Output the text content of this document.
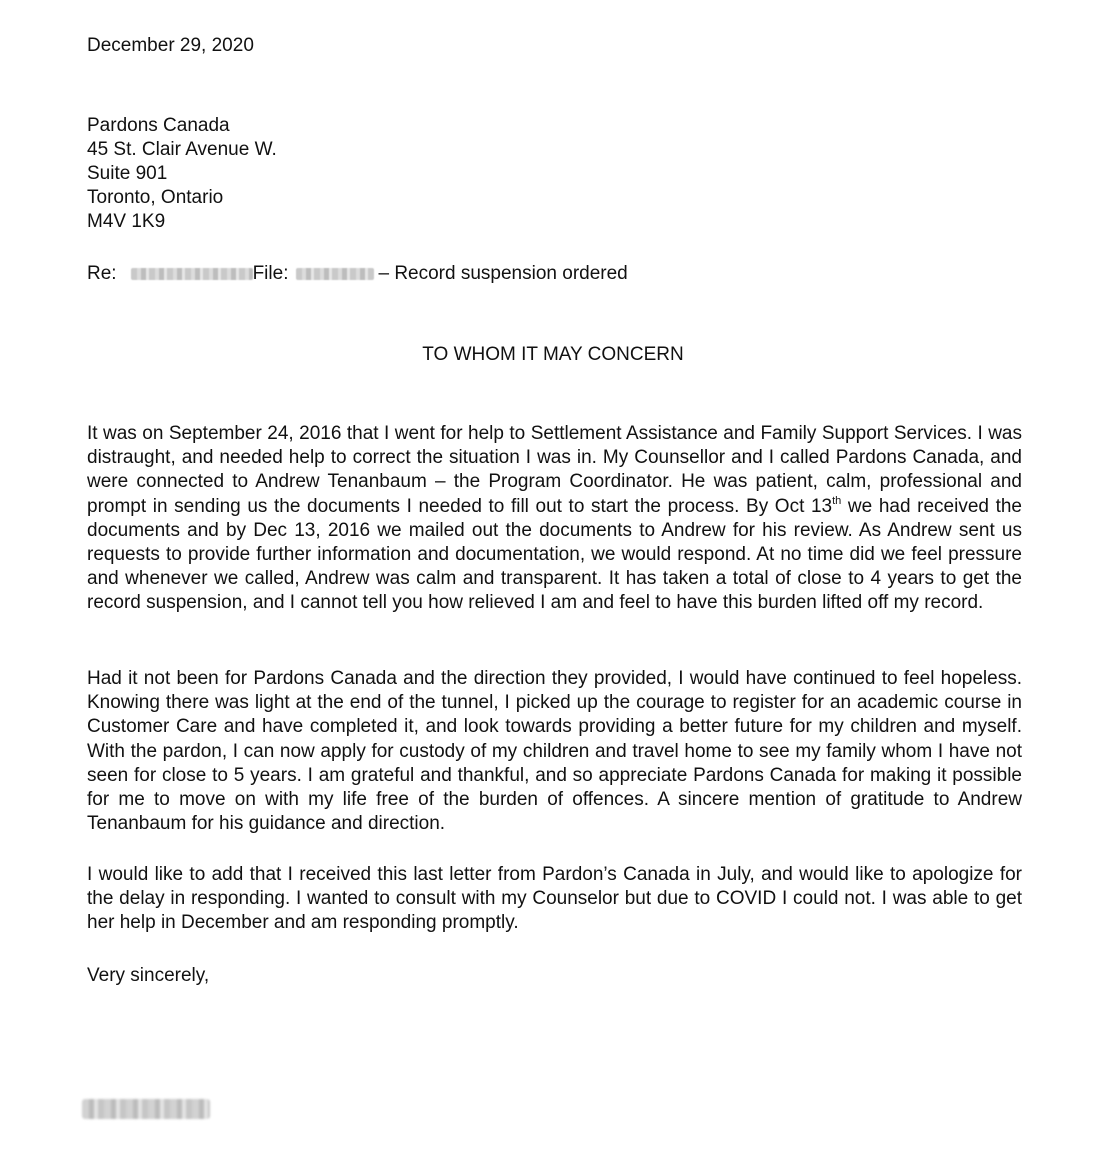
December 29, 2020
Pardons Canada
45 St. Clair Avenue W.
Suite 901
Toronto, Ontario
M4V 1K9
Re:	File:	– Record suspension ordered
TO WHOM IT MAY CONCERN

It was on September 24, 2016 that I went for help to Settlement Assistance and Family Support Services. I was distraught, and needed help to correct the situation I was in. My Counsellor and I called Pardons Canada, and were connected to Andrew Tenanbaum – the Program Coordinator. He was patient, calm, professional and prompt in sending us the documents I needed to fill out to start the process. By Oct 13th we had received the documents and by Dec 13, 2016 we mailed out the documents to Andrew for his review. As Andrew sent us requests to provide further information and documentation, we would respond. At no time did we feel pressure and whenever we called, Andrew was calm and transparent. It has taken a total of close to 4 years to get the record suspension, and I cannot tell you how relieved I am and feel to have this burden lifted off my record.

Had it not been for Pardons Canada and the direction they provided, I would have continued to feel hopeless. Knowing there was light at the end of the tunnel, I picked up the courage to register for an academic course in Customer Care and have completed it, and look towards providing a better future for my children and myself. With the pardon, I can now apply for custody of my children and travel home to see my family whom I have not seen for close to 5 years. I am grateful and thankful, and so appreciate Pardons Canada for making it possible for me to move on with my life free of the burden of offences. A sincere mention of gratitude to Andrew Tenanbaum for his guidance and direction.

I would like to add that I received this last letter from Pardon’s Canada in July, and would like to apologize for the delay in responding. I wanted to consult with my Counselor but due to COVID I could not. I was able to get her help in December and am responding promptly.

Very sincerely,
